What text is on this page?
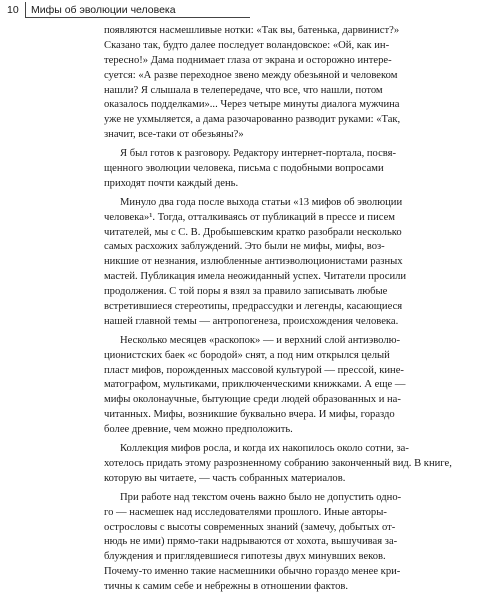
10 Мифы об эволюции человека
появляются насмешливые нотки: «Так вы, батенька, дарвинист?»
Сказано так, будто далее последует воландовское: «Ой, как ин-
тересно!» Дама поднимает глаза от экрана и осторожно интере-
суется: «А разве переходное звено между обезьяной и человеком
нашли? Я слышала в телепередаче, что все, что нашли, потом
оказалось подделками»... Через четыре минуты диалога мужчина
уже не ухмыляется, а дама разочарованно разводит руками: «Так,
значит, все-таки от обезьяны?»
Я был готов к разговору. Редактору интернет-портала, посвя-
щенного эволюции человека, письма с подобными вопросами
приходят почти каждый день.
Минуло два года после выхода статьи «13 мифов об эволюции
человека»¹. Тогда, отталкиваясь от публикаций в прессе и писем
читателей, мы с С. В. Дробышевским кратко разобрали несколько
самых расхожих заблуждений. Это были не мифы, мифы, воз-
никшие от незнания, излюбленные антиэволюционистами разных
мастей. Публикация имела неожиданный успех. Читатели просили
продолжения. С той поры я взял за правило записывать любые
встретившиеся стереотипы, предрассудки и легенды, касающиеся
нашей главной темы — антропогенеза, происхождения человека.
Несколько месяцев «раскопок» — и верхний слой антиэволю-
ционистских баек «с бородой» снят, а под ним открылся целый
пласт мифов, порожденных массовой культурой — прессой, кине-
матографом, мультиками, приключенческими книжками. А еще —
мифы околонаучные, бытующие среди людей образованных и на-
читанных. Мифы, возникшие буквально вчера. И мифы, гораздо
более древние, чем можно предположить.
Коллекция мифов росла, и когда их накопилось около сотни, за-
хотелось придать этому разрозненному собранию законченный вид. В книге,
которую вы читаете, — часть собранных материалов.
При работе над текстом очень важно было не допустить одно-
го — насмешек над исследователями прошлого. Иные авторы-
острословы с высоты современных знаний (замечу, добытых от-
нюдь не ими) прямо-таки надрываются от хохота, вышучивая за-
блуждения и приглядевшиеся гипотезы двух минувших веков.
Почему-то именно такие насмешники обычно гораздо менее кри-
тичны к самим себе и небрежны в отношении фактов.
